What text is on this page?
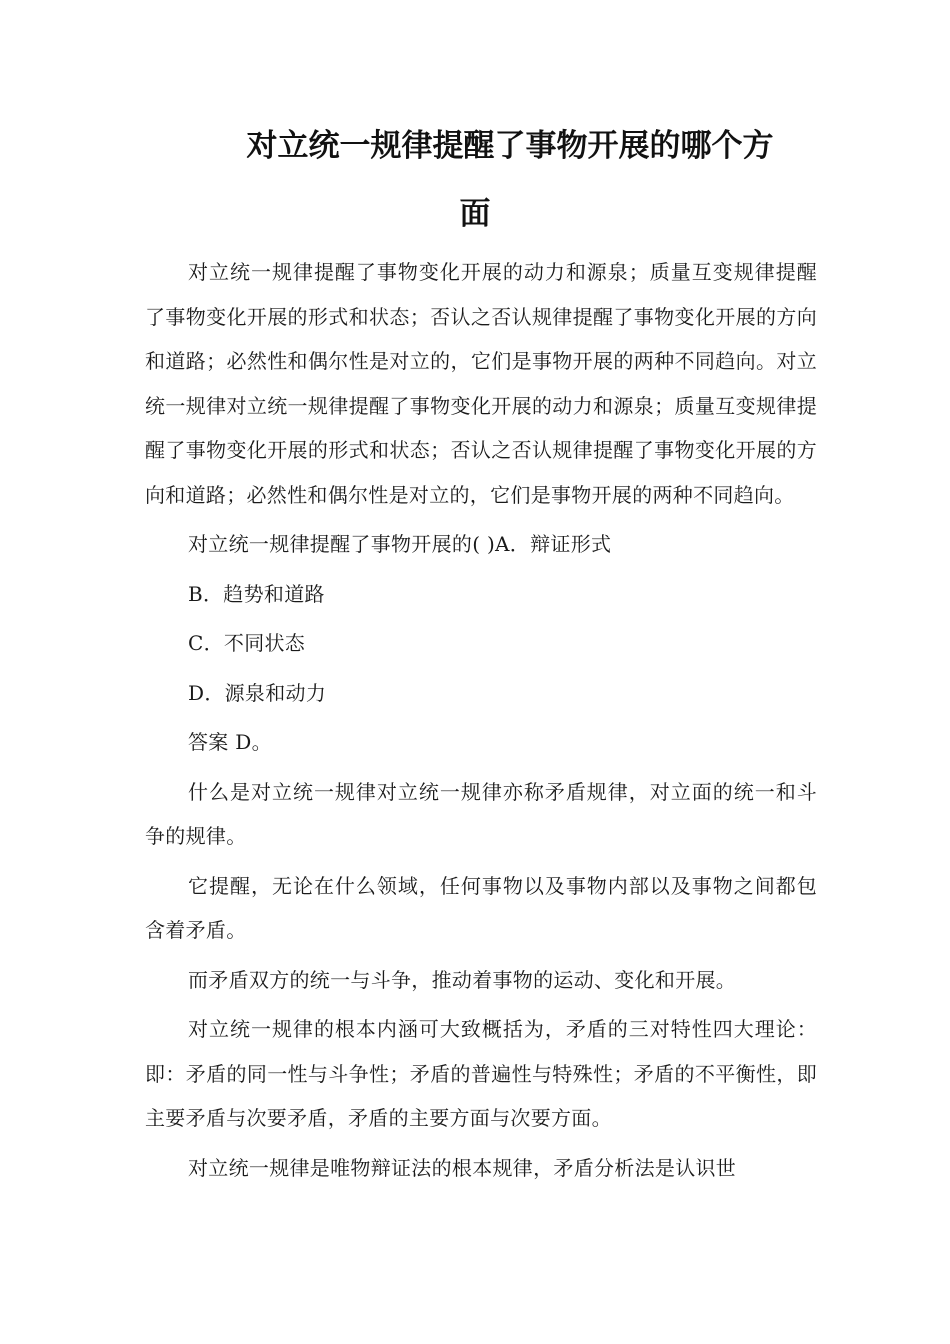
对立统一规律提醒了事物开展的哪个方
面

对立统一规律提醒了事物变化开展的动力和源泉；质量互变规律提醒了事物变化开展的形式和状态；否认之否认规律提醒了事物变化开展的方向和道路；必然性和偶尔性是对立的，它们是事物开展的两种不同趋向。对立统一规律对立统一规律提醒了事物变化开展的动力和源泉；质量互变规律提醒了事物变化开展的形式和状态；否认之否认规律提醒了事物变化开展的方向和道路；必然性和偶尔性是对立的，它们是事物开展的两种不同趋向。

对立统一规律提醒了事物开展的( )A．辩证形式

B．趋势和道路

C．不同状态

D．源泉和动力

答案 D。

什么是对立统一规律对立统一规律亦称矛盾规律，对立面的统一和斗争的规律。

它提醒，无论在什么领域，任何事物以及事物内部以及事物之间都包含着矛盾。

而矛盾双方的统一与斗争，推动着事物的运动、变化和开展。

对立统一规律的根本内涵可大致概括为，矛盾的三对特性四大理论：即：矛盾的同一性与斗争性；矛盾的普遍性与特殊性；矛盾的不平衡性，即主要矛盾与次要矛盾，矛盾的主要方面与次要方面。

对立统一规律是唯物辩证法的根本规律，矛盾分析法是认识世
